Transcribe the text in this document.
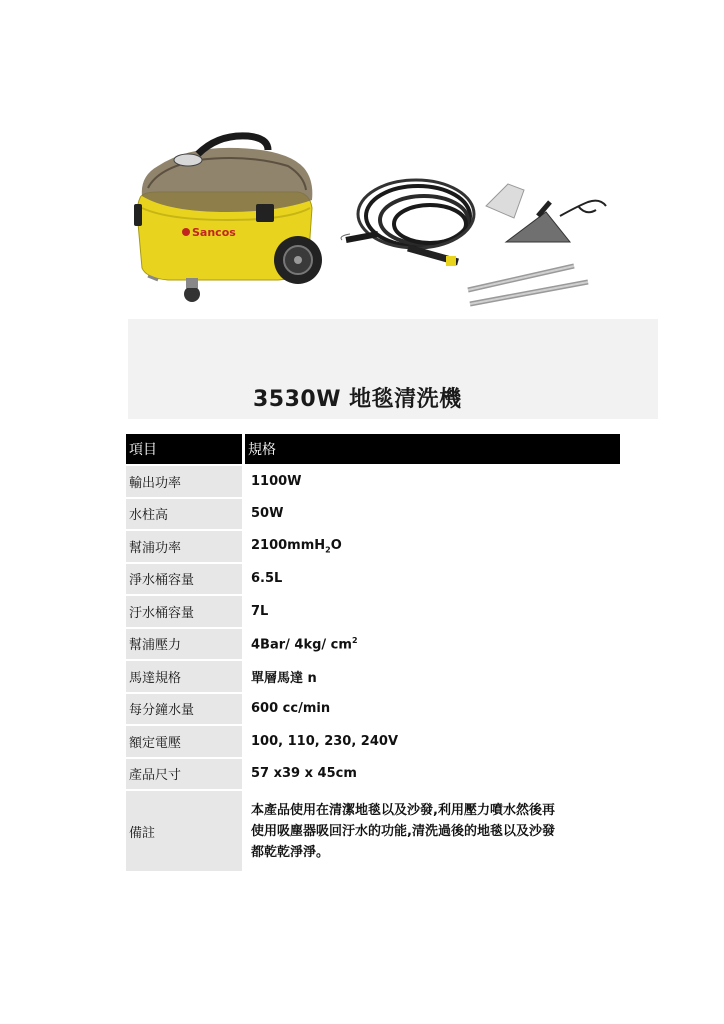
Sancos
3530W 地毯清洗機
項目	規格
輸出功率	1100W
水柱高	50W
幫浦功率	2100mmH$_2$O
淨水桶容量	6.5L
汙水桶容量	7L
幫浦壓力	4Bar/ 4kg/ $cm^2$
馬達規格	單層馬達 n
每分鐘水量	600 cc/min
額定電壓	100, 110, 230, 240V
產品尺寸	57 x39 x 45cm
備註	本產品使用在清潔地毯以及沙發,利用壓力噴水然後再
使用吸塵器吸回汙水的功能,清洗過後的地毯以及沙發
都乾乾淨淨。
